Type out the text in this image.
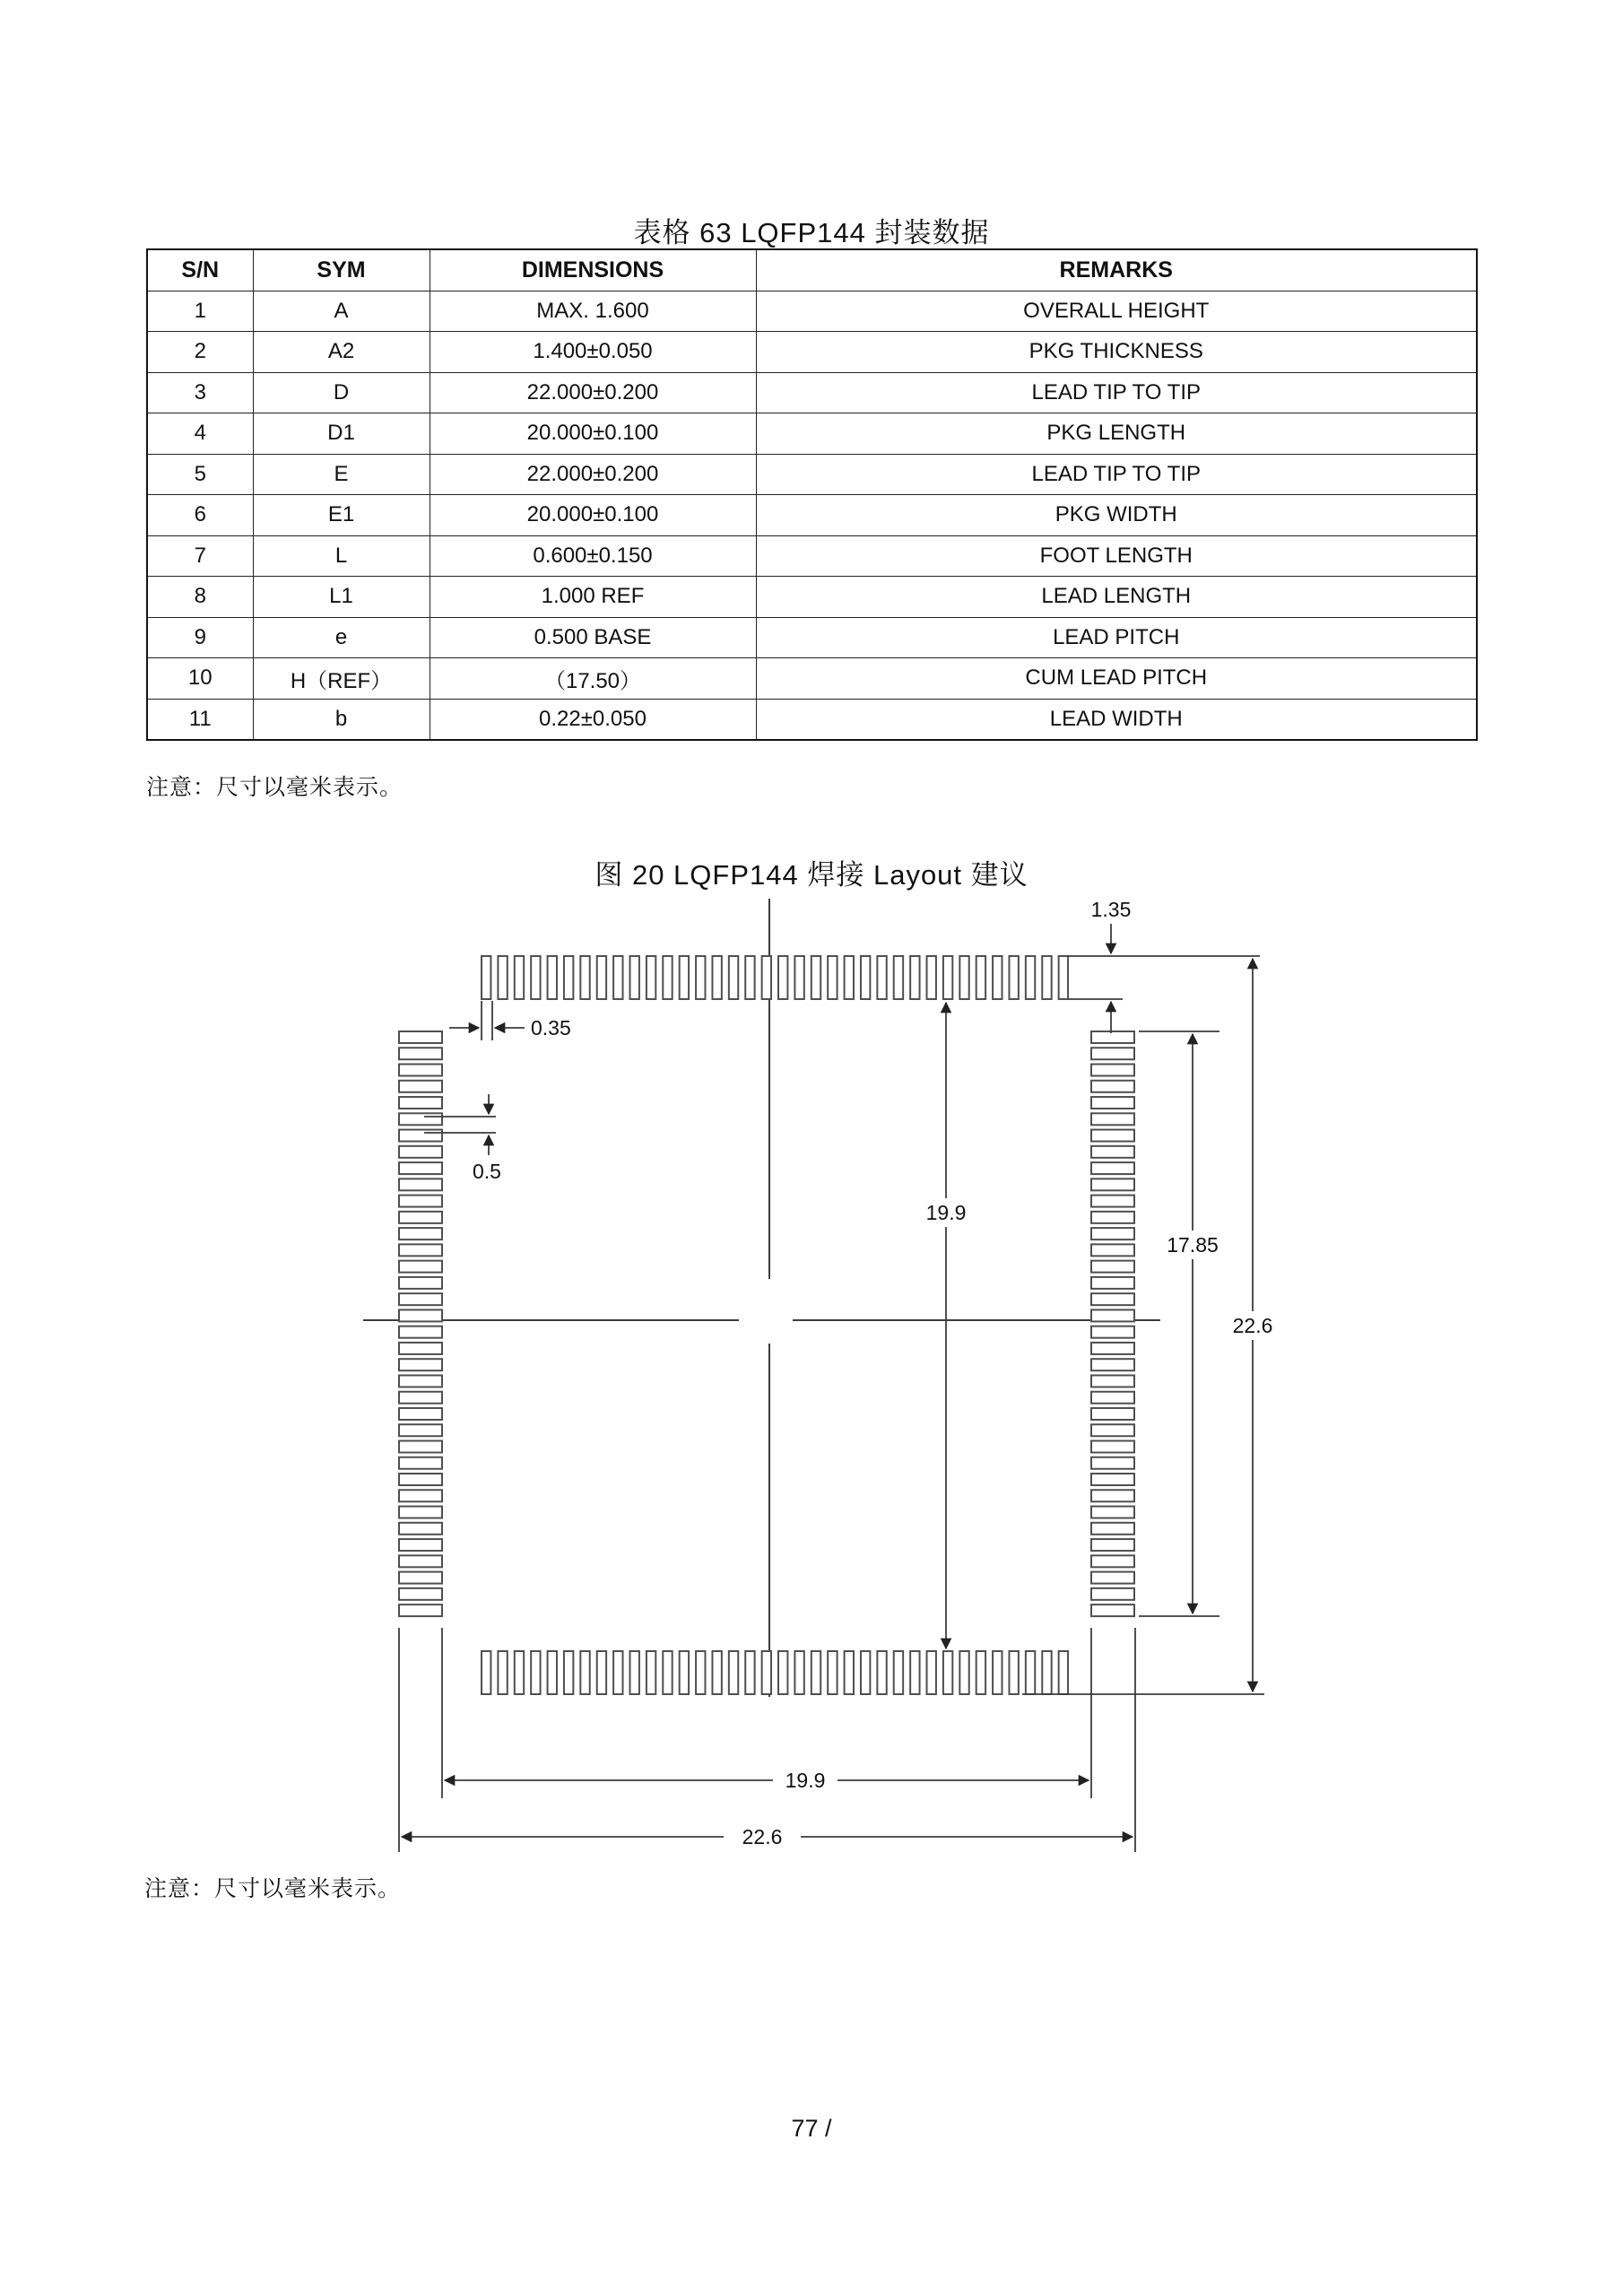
表格 63 LQFP144 封装数据
S/N	SYM	DIMENSIONS	REMARKS
1	A	MAX. 1.600	OVERALL HEIGHT
2	A2	1.400±0.050	PKG THICKNESS
3	D	22.000±0.200	LEAD TIP TO TIP
4	D1	20.000±0.100	PKG LENGTH
5	E	22.000±0.200	LEAD TIP TO TIP
6	E1	20.000±0.100	PKG WIDTH
7	L	0.600±0.150	FOOT LENGTH
8	L1	1.000 REF	LEAD LENGTH
9	e	0.500 BASE	LEAD PITCH
10	H（REF）	（17.50）	CUM LEAD PITCH
11	b	0.22±0.050	LEAD WIDTH
注意：尺寸以毫米表示。
图 20 LQFP144 焊接 Layout 建议
1.35
0.35
0.5
19.9
17.85
22.6
19.9
22.6
注意：尺寸以毫米表示。
77 /
